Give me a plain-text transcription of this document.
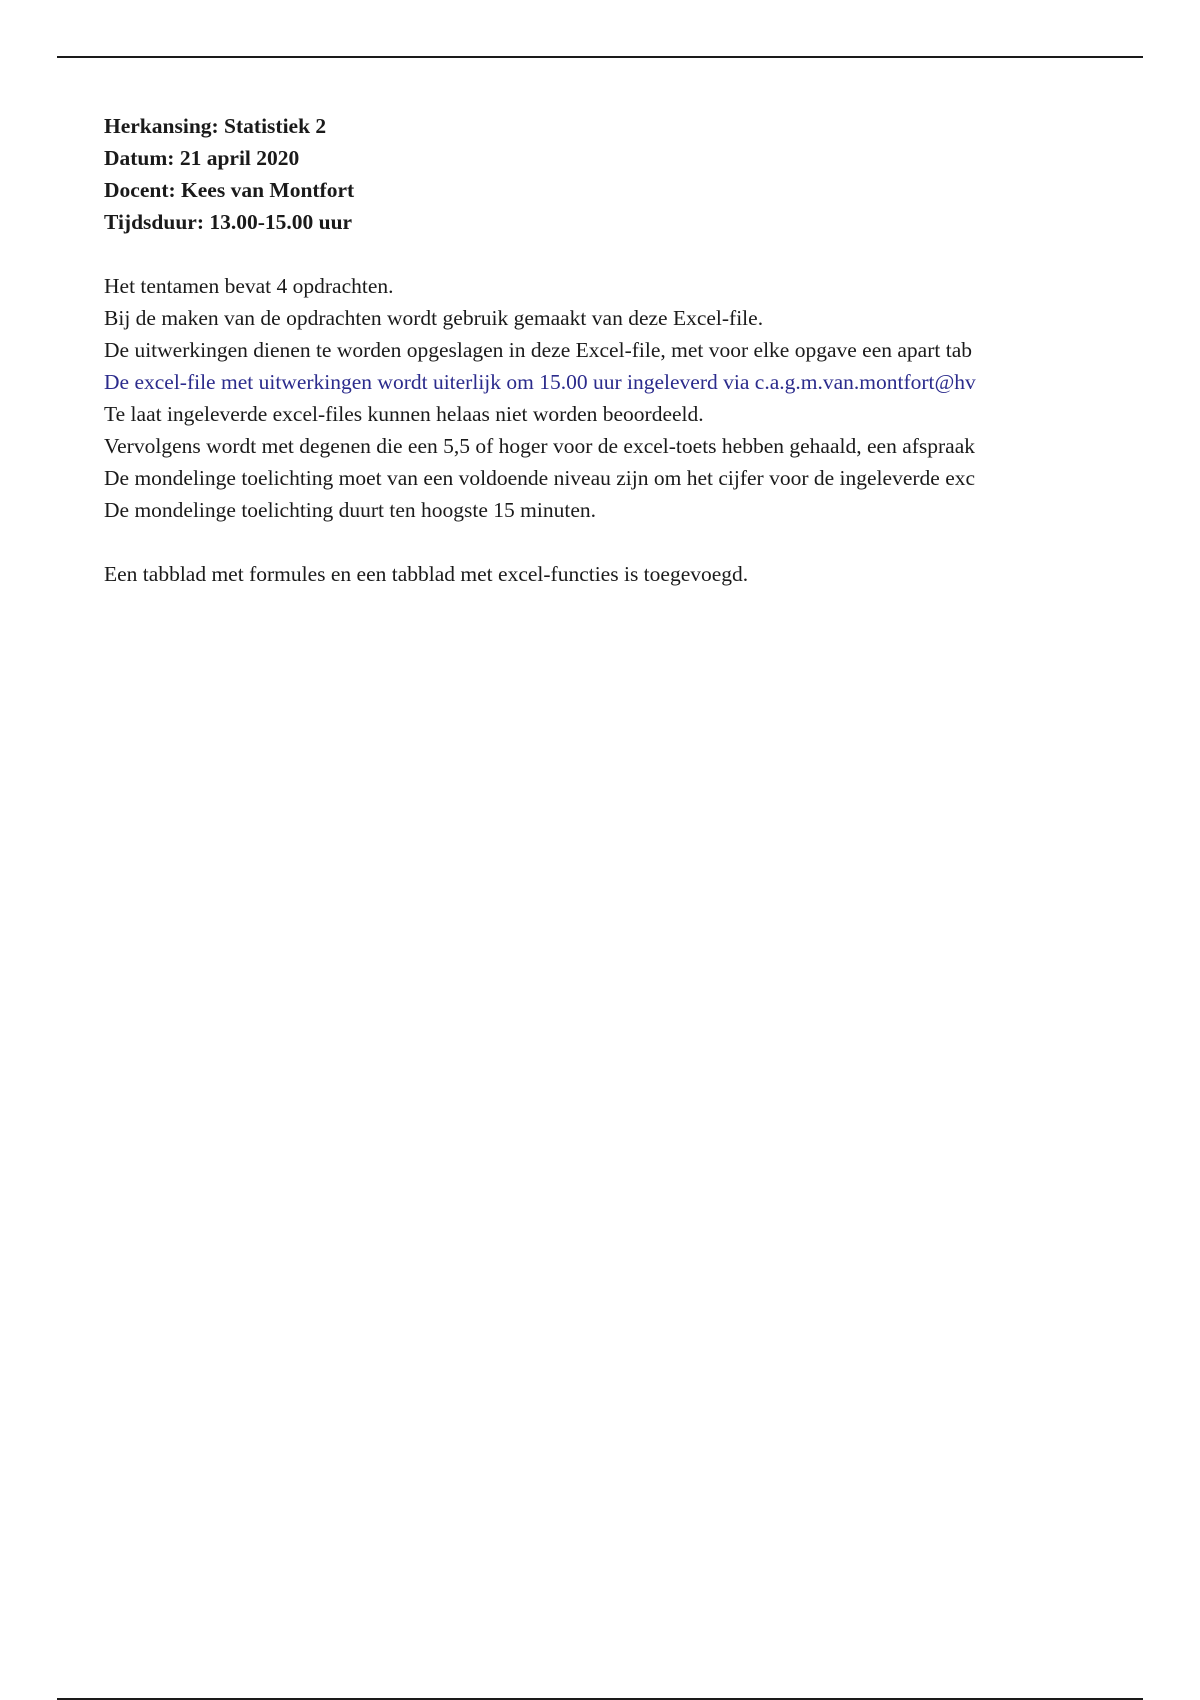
Herkansing: Statistiek 2
Datum: 21 april 2020
Docent: Kees van Montfort
Tijdsduur: 13.00-15.00 uur
Het tentamen bevat 4 opdrachten.
Bij de maken van de opdrachten wordt gebruik gemaakt van deze Excel-file.
De uitwerkingen dienen te worden opgeslagen in deze Excel-file, met voor elke opgave een apart tab
De excel-file met uitwerkingen wordt uiterlijk om 15.00 uur ingeleverd via c.a.g.m.van.montfort@hv
Te laat ingeleverde excel-files kunnen helaas niet worden beoordeeld.
Vervolgens wordt met degenen die een 5,5 of hoger voor de excel-toets hebben gehaald, een afspraak
De mondelinge toelichting moet van een voldoende niveau zijn om het cijfer voor de ingeleverde exc
De mondelinge toelichting duurt ten hoogste 15 minuten.
Een tabblad met formules en een tabblad met excel-functies is toegevoegd.
